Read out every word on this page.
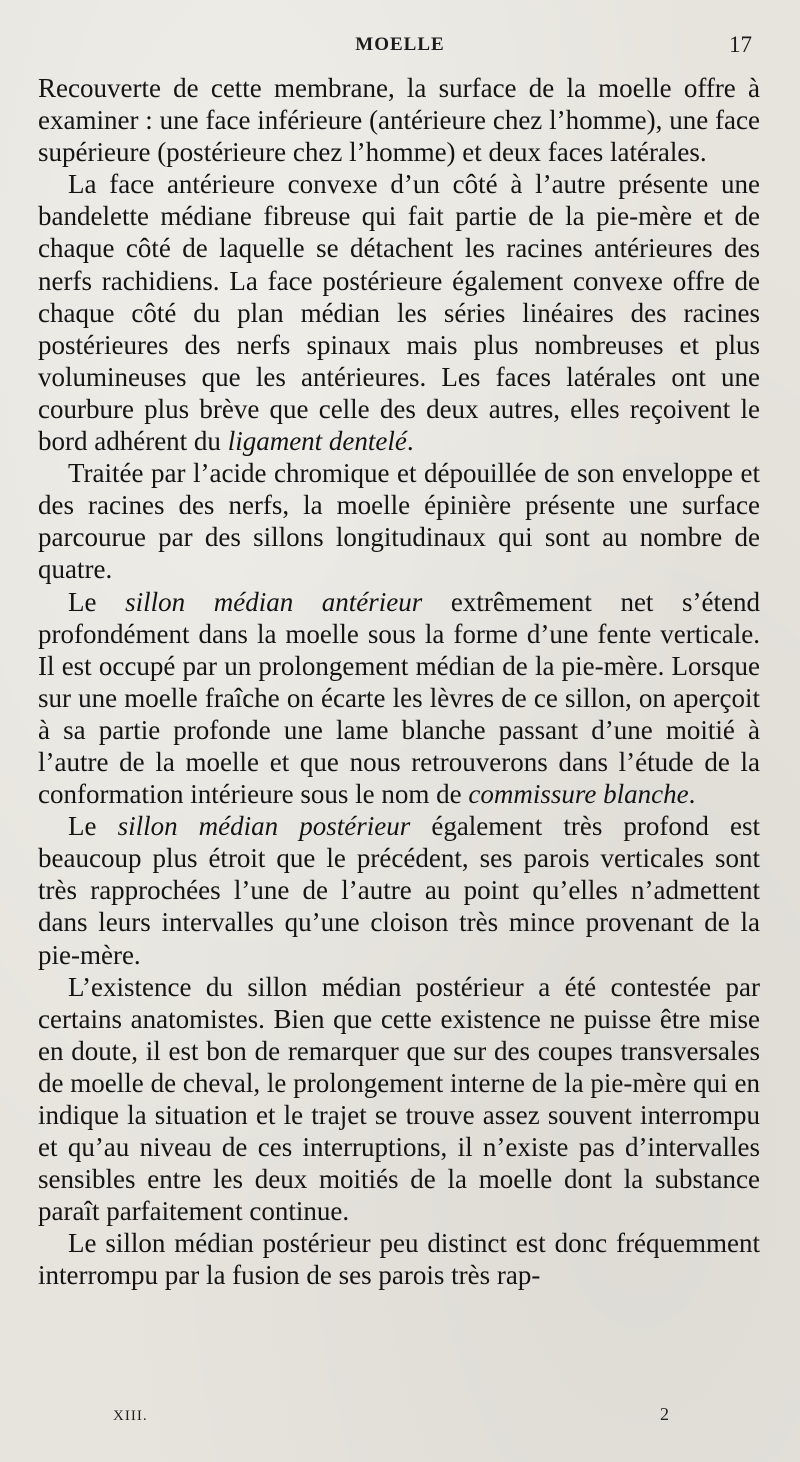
MOELLE	17

Recouverte de cette membrane, la surface de la moelle offre à examiner : une face inférieure (antérieure chez l’homme), une face supérieure (postérieure chez l’homme) et deux faces latérales.

La face antérieure convexe d’un côté à l’autre présente une bandelette médiane fibreuse qui fait partie de la pie-mère et de chaque côté de laquelle se détachent les racines antérieures des nerfs rachidiens. La face postérieure également convexe offre de chaque côté du plan médian les séries linéaires des racines postérieures des nerfs spinaux mais plus nombreuses et plus volumineuses que les antérieures. Les faces latérales ont une courbure plus brève que celle des deux autres, elles reçoivent le bord adhérent du ligament dentelé.

Traitée par l’acide chromique et dépouillée de son enveloppe et des racines des nerfs, la moelle épinière présente une surface parcourue par des sillons longitudinaux qui sont au nombre de quatre.

Le sillon médian antérieur extrêmement net s’étend profondément dans la moelle sous la forme d’une fente verticale. Il est occupé par un prolongement médian de la pie-mère. Lorsque sur une moelle fraîche on écarte les lèvres de ce sillon, on aperçoit à sa partie profonde une lame blanche passant d’une moitié à l’autre de la moelle et que nous retrouverons dans l’étude de la conformation intérieure sous le nom de commissure blanche.

Le sillon médian postérieur également très profond est beaucoup plus étroit que le précédent, ses parois verticales sont très rapprochées l’une de l’autre au point qu’elles n’admettent dans leurs intervalles qu’une cloison très mince provenant de la pie-mère.

L’existence du sillon médian postérieur a été contestée par certains anatomistes. Bien que cette existence ne puisse être mise en doute, il est bon de remarquer que sur des coupes transversales de moelle de cheval, le prolongement interne de la pie-mère qui en indique la situation et le trajet se trouve assez souvent interrompu et qu’au niveau de ces interruptions, il n’existe pas d’intervalles sensibles entre les deux moitiés de la moelle dont la substance paraît parfaitement continue.

Le sillon médian postérieur peu distinct est donc fréquemment interrompu par la fusion de ses parois très rap-

XIII.	2
